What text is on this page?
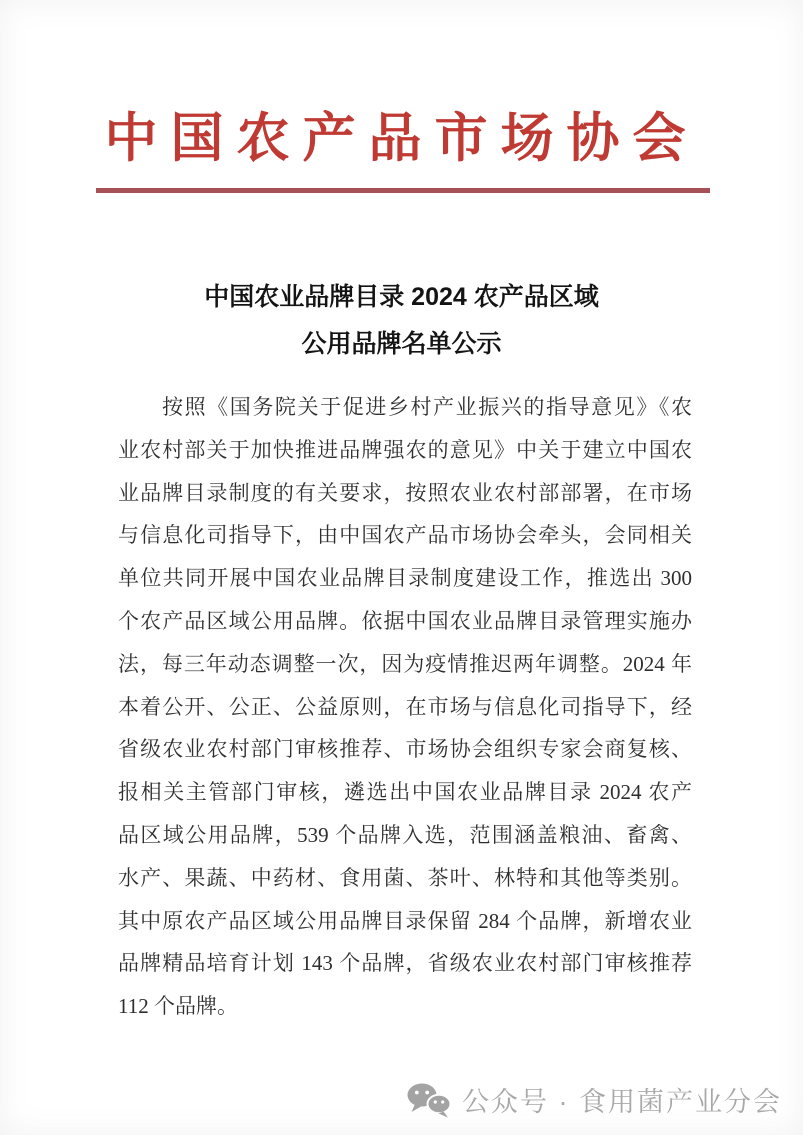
中国农产品市场协会
中国农业品牌目录 2024 农产品区域
公用品牌名单公示
按照《国务院关于促进乡村产业振兴的指导意见》《农
业农村部关于加快推进品牌强农的意见》中关于建立中国农
业品牌目录制度的有关要求，按照农业农村部部署，在市场
与信息化司指导下，由中国农产品市场协会牵头，会同相关
单位共同开展中国农业品牌目录制度建设工作，推选出 300
个农产品区域公用品牌。依据中国农业品牌目录管理实施办
法，每三年动态调整一次，因为疫情推迟两年调整。2024 年
本着公开、公正、公益原则，在市场与信息化司指导下，经
省级农业农村部门审核推荐、市场协会组织专家会商复核、
报相关主管部门审核，遴选出中国农业品牌目录 2024 农产
品区域公用品牌，539 个品牌入选，范围涵盖粮油、畜禽、
水产、果蔬、中药材、食用菌、茶叶、林特和其他等类别。
其中原农产品区域公用品牌目录保留 284 个品牌，新增农业
品牌精品培育计划 143 个品牌，省级农业农村部门审核推荐
112 个品牌。
公众号 · 食用菌产业分会
